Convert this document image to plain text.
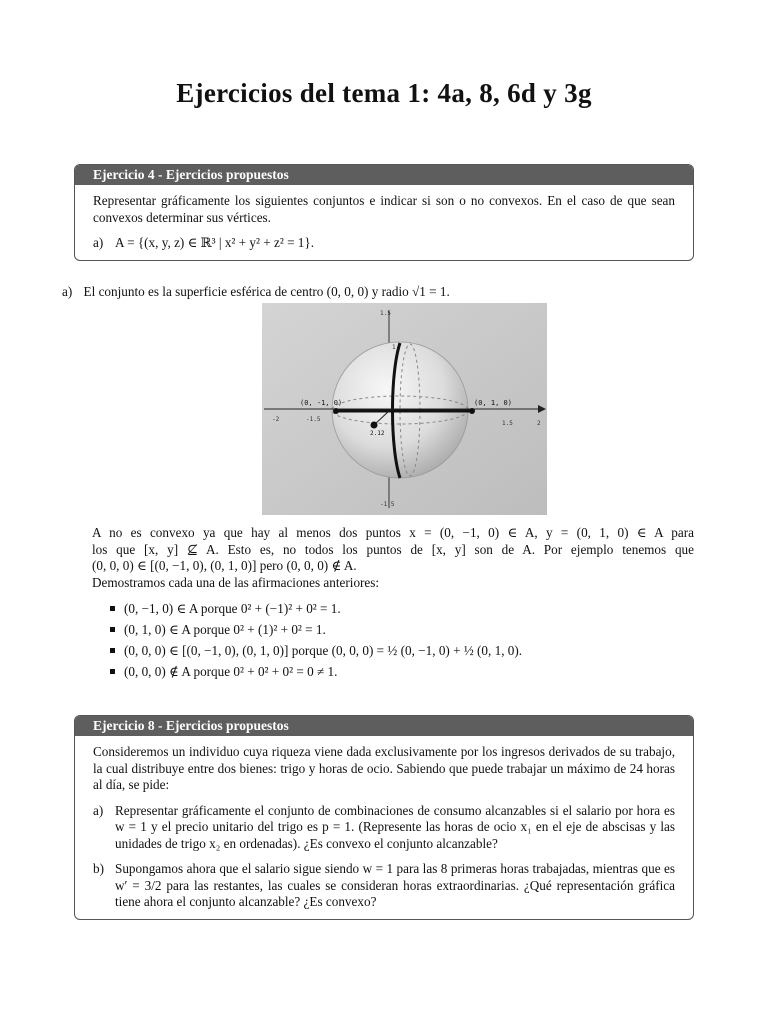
Ejercicios del tema 1: 4a, 8, 6d y 3g
Ejercicio 4 - Ejercicios propuestos

Representar gráficamente los siguientes conjuntos e indicar si son o no convexos. En el caso de que sean convexos determinar sus vértices.

a) A = {(x, y, z) ∈ ℝ³ | x² + y² + z² = 1}.
a) El conjunto es la superficie esférica de centro (0, 0, 0) y radio √1 = 1.
1.5
-1.5
-2	-1.5
1.5	2
1
2.12
(0, -1, 0)	(0, 1, 0)
A no es convexo ya que hay al menos dos puntos x = (0, −1, 0) ∈ A, y = (0, 1, 0) ∈ A para
los que [x, y] ⊈ A. Esto es, no todos los puntos de [x, y] son de A. Por ejemplo tenemos que
(0, 0, 0) ∈ [(0, −1, 0), (0, 1, 0)] pero (0, 0, 0) ∉ A.
Demostramos cada una de las afirmaciones anteriores:
(0, −1, 0) ∈ A porque 0² + (−1)² + 0² = 1.
(0, 1, 0) ∈ A porque 0² + (1)² + 0² = 1.
(0, 0, 0) ∈ [(0, −1, 0), (0, 1, 0)] porque (0, 0, 0) = ½ (0, −1, 0) + ½ (0, 1, 0).
(0, 0, 0) ∉ A porque 0² + 0² + 0² = 0 ≠ 1.
Ejercicio 8 - Ejercicios propuestos

Consideremos un individuo cuya riqueza viene dada exclusivamente por los ingresos derivados de su trabajo, la cual distribuye entre dos bienes: trigo y horas de ocio. Sabiendo que puede trabajar un máximo de 24 horas al día, se pide:

a) Representar gráficamente el conjunto de combinaciones de consumo alcanzables si el salario por hora es w = 1 y el precio unitario del trigo es p = 1. (Represente las horas de ocio x₁ en el eje de abscisas y las unidades de trigo x₂ en ordenadas). ¿Es convexo el conjunto alcanzable?
b) Supongamos ahora que el salario sigue siendo w = 1 para las 8 primeras horas trabajadas, mientras que es w′ = 3/2 para las restantes, las cuales se consideran horas extraordinarias. ¿Qué representación gráfica tiene ahora el conjunto alcanzable? ¿Es convexo?
